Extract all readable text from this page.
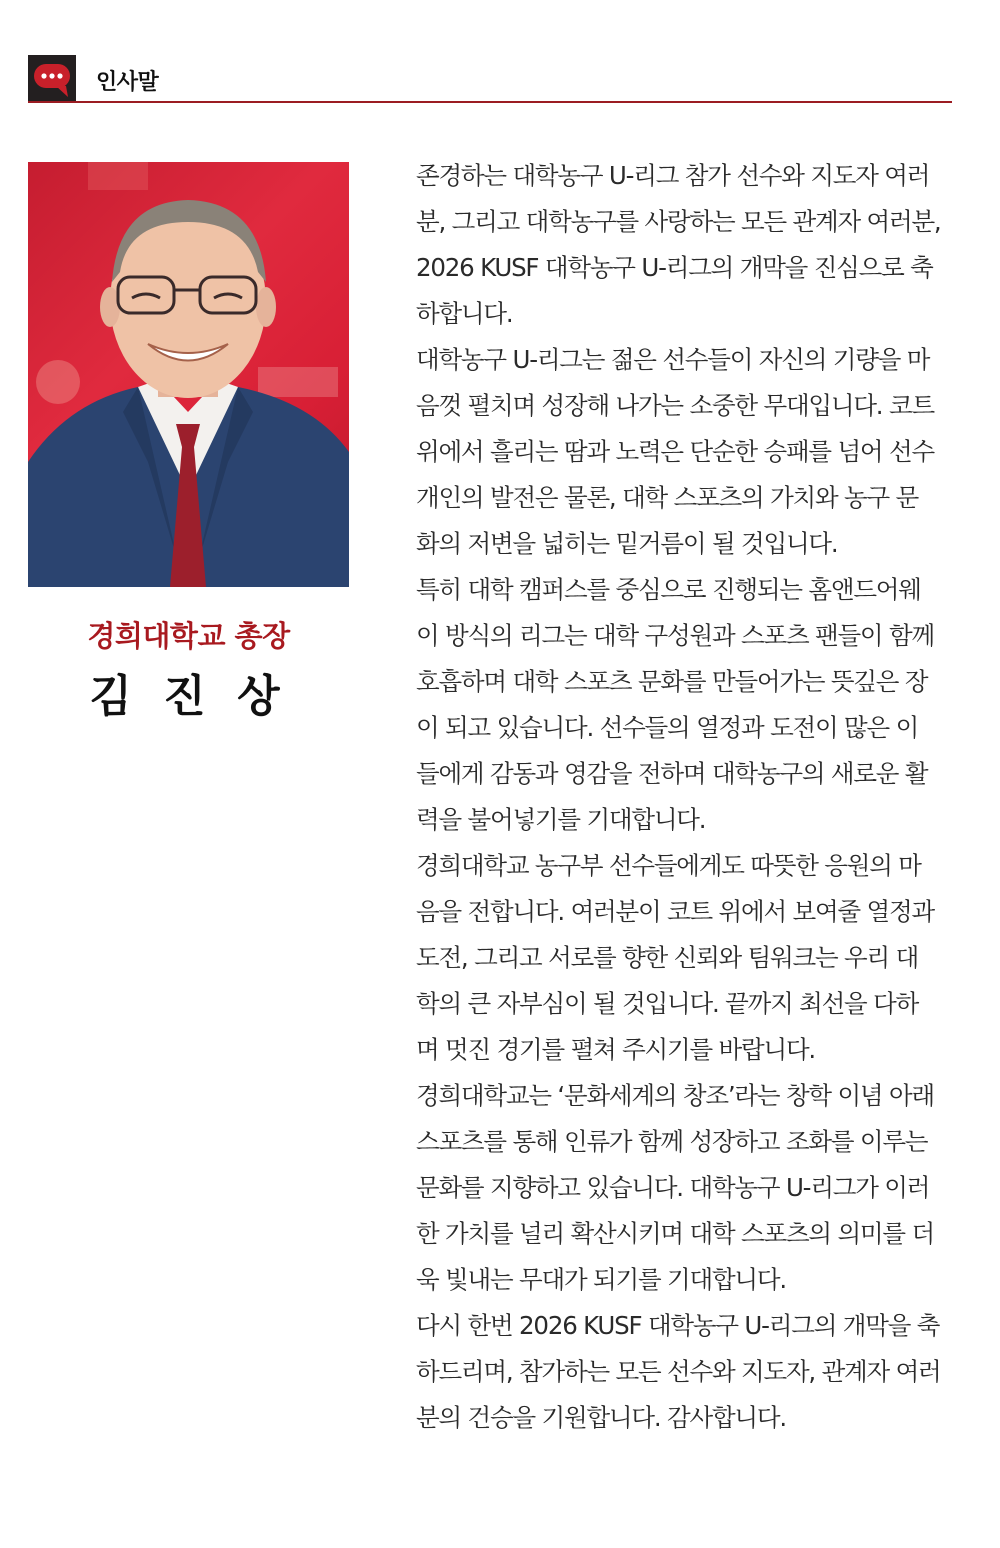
인사말
경희대학교 총장
김 진 상

존경하는 대학농구 U-리그 참가 선수와 지도자 여러

분, 그리고 대학농구를 사랑하는 모든 관계자 여러분,

2026 KUSF 대학농구 U-리그의 개막을 진심으로 축

하합니다.

대학농구 U-리그는 젊은 선수들이 자신의 기량을 마

음껏 펼치며 성장해 나가는 소중한 무대입니다. 코트

위에서 흘리는 땀과 노력은 단순한 승패를 넘어 선수

개인의 발전은 물론, 대학 스포츠의 가치와 농구 문

화의 저변을 넓히는 밑거름이 될 것입니다.

특히 대학 캠퍼스를 중심으로 진행되는 홈앤드어웨

이 방식의 리그는 대학 구성원과 스포츠 팬들이 함께

호흡하며 대학 스포츠 문화를 만들어가는 뜻깊은 장

이 되고 있습니다. 선수들의 열정과 도전이 많은 이

들에게 감동과 영감을 전하며 대학농구의 새로운 활

력을 불어넣기를 기대합니다.

경희대학교 농구부 선수들에게도 따뜻한 응원의 마

음을 전합니다. 여러분이 코트 위에서 보여줄 열정과

도전, 그리고 서로를 향한 신뢰와 팀워크는 우리 대

학의 큰 자부심이 될 것입니다. 끝까지 최선을 다하

며 멋진 경기를 펼쳐 주시기를 바랍니다.

경희대학교는 ‘문화세계의 창조’라는 창학 이념 아래

스포츠를 통해 인류가 함께 성장하고 조화를 이루는

문화를 지향하고 있습니다. 대학농구 U-리그가 이러

한 가치를 널리 확산시키며 대학 스포츠의 의미를 더

욱 빛내는 무대가 되기를 기대합니다.

다시 한번 2026 KUSF 대학농구 U-리그의 개막을 축

하드리며, 참가하는 모든 선수와 지도자, 관계자 여러

분의 건승을 기원합니다. 감사합니다.
